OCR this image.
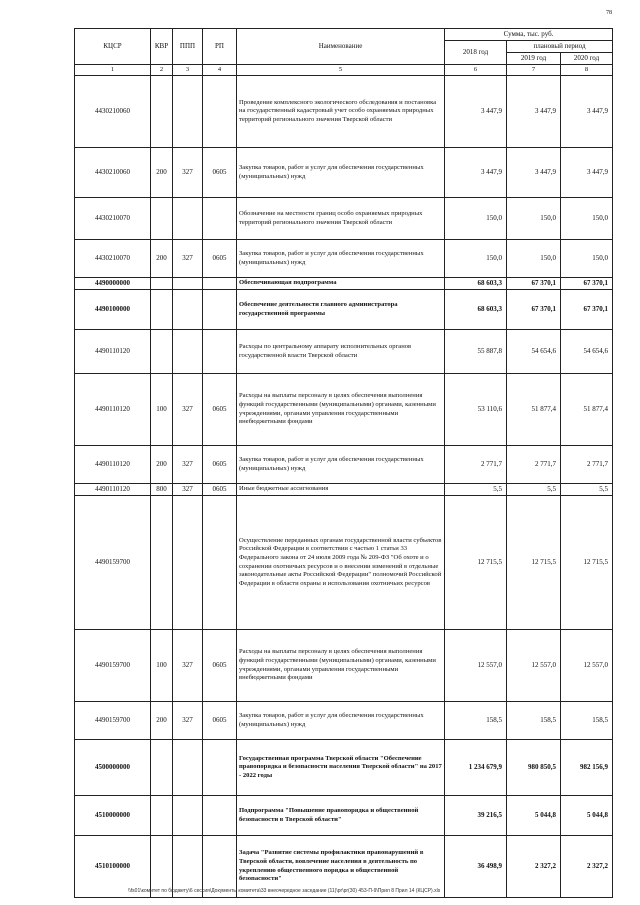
78
КЦСР	КВР	ППП	РП	Наименование	Сумма, тыс. руб.		
					2018 год	плановый период	
						2019 год	2020 год
1	2	3	4	5	6	7	8
4430210060				Проведение комплексного экологического обследования и постановка на государственный кадастровый учет особо охраняемых природных территорий регионального значения Тверской области	3 447,9	3 447,9	3 447,9
4430210060	200	327	0605	Закупка товаров, работ и услуг для обеспечения государственных (муниципальных) нужд	3 447,9	3 447,9	3 447,9
4430210070				Обозначение на местности границ особо охраняемых природных территорий регионального значения Тверской области	150,0	150,0	150,0
4430210070	200	327	0605	Закупка товаров, работ и услуг для обеспечения государственных (муниципальных) нужд	150,0	150,0	150,0
4490000000				Обеспечивающая подпрограмма	68 603,3	67 370,1	67 370,1
4490100000				Обеспечение деятельности главного администратора государственной программы	68 603,3	67 370,1	67 370,1
4490110120				Расходы по центральному аппарату исполнительных органов государственной власти Тверской области	55 887,8	54 654,6	54 654,6
4490110120	100	327	0605	Расходы на выплаты персоналу в целях обеспечения выполнения функций государственными (муниципальными) органами, казенными учреждениями, органами управления государственными внебюджетными фондами	53 110,6	51 877,4	51 877,4
4490110120	200	327	0605	Закупка товаров, работ и услуг для обеспечения государственных (муниципальных) нужд	2 771,7	2 771,7	2 771,7
4490110120	800	327	0605	Иные бюджетные ассигнования	5,5	5,5	5,5
4490159700				Осуществление переданных органам государственной власти субъектов Российской Федерации в соответствии с частью 1 статьи 33 Федерального закона от 24 июля 2009 года № 209-ФЗ "Об охоте и о сохранении охотничьих ресурсов и о внесении изменений в отдельные законодательные акты Российской Федерации" полномочий Российской Федерации в области охраны и использования охотничьих ресурсов	12 715,5	12 715,5	12 715,5
4490159700	100	327	0605	Расходы на выплаты персоналу в целях обеспечения выполнения функций государственными (муниципальными) органами, казенными учреждениями, органами управления государственными внебюджетными фондами	12 557,0	12 557,0	12 557,0
4490159700	200	327	0605	Закупка товаров, работ и услуг для обеспечения государственных (муниципальных) нужд	158,5	158,5	158,5
4500000000				Государственная программа Тверской области "Обеспечение правопорядка и безопасности населения Тверской области" на 2017 - 2022 годы	1 234 679,9	980 850,5	982 156,9
4510000000				Подпрограмма "Повышение правопорядка и общественной безопасности в Тверской области"	39 216,5	5 044,8	5 044,8
4510100000				Задача "Развитие системы профилактики правонарушений в Тверской области, вовлечение населения в деятельность по укреплению общественного порядка и общественной безопасности"	36 498,9	2 327,2	2 327,2
\\fs01\комитет по бюджету\6 сессия\Документы комитета\33 внеочередное заседание (11)\pr\pr(30) 453-П-9\Прил 8 Прил 14 (КЦСР).xls
